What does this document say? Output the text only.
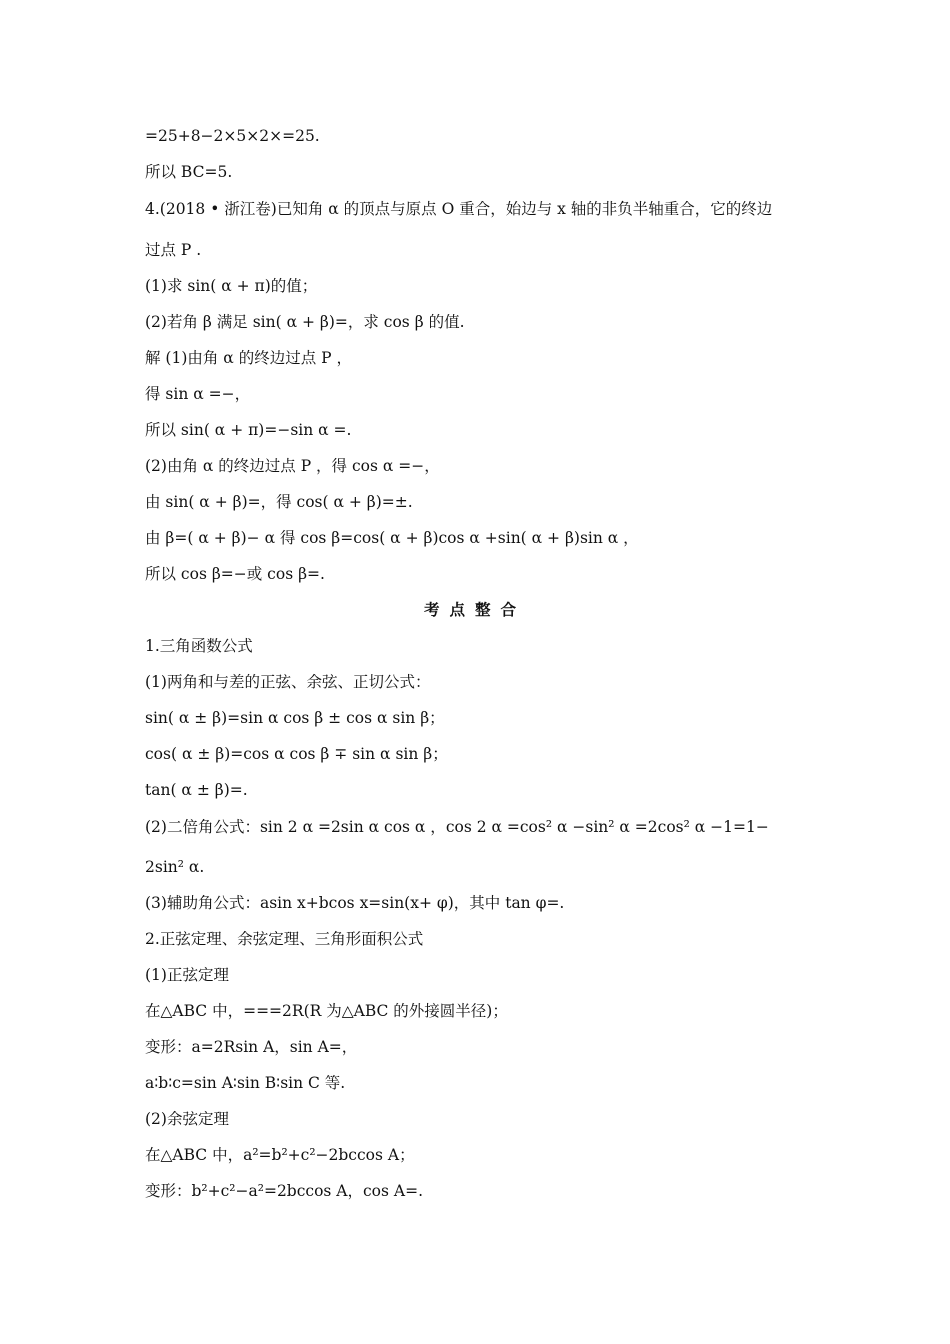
=25+8−2×5×2×=25.
所以 BC=5.
4.(2018 • 浙江卷)已知角 α 的顶点与原点 O 重合，始边与 x 轴的非负半轴重合，它的终边
过点 P .
(1)求 sin( α + π)的值；
(2)若角 β 满足 sin( α + β)=，求 cos β 的值.
解 (1)由角 α 的终边过点 P ，
得 sin α =−，
所以 sin( α + π)=−sin α =.
(2)由角 α 的终边过点 P ，得 cos α =−，
由 sin( α + β)=，得 cos( α + β)=±.
由 β=( α + β)− α 得 cos β=cos( α + β)cos α +sin( α + β)sin α ，
所以 cos β=−或 cos β=.
考点整合
1.三角函数公式
(1)两角和与差的正弦、余弦、正切公式：
sin( α ± β)=sin α cos β ± cos α sin β；
cos( α ± β)=cos α cos β ∓ sin α sin β；
tan( α ± β)=.
(2)二倍角公式：sin 2 α =2sin α cos α ，cos 2 α =cos² α −sin² α =2cos² α −1=1−
2sin² α.
(3)辅助角公式：asin x+bcos x=sin(x+ φ)，其中 tan φ=.
2.正弦定理、余弦定理、三角形面积公式
(1)正弦定理
在△ABC 中，===2R(R 为△ABC 的外接圆半径)；
变形：a=2Rsin A，sin A=，
a∶b∶c=sin A∶sin B∶sin C 等.
(2)余弦定理
在△ABC 中，a²=b²+c²−2bccos A；
变形：b²+c²−a²=2bccos A，cos A=.
